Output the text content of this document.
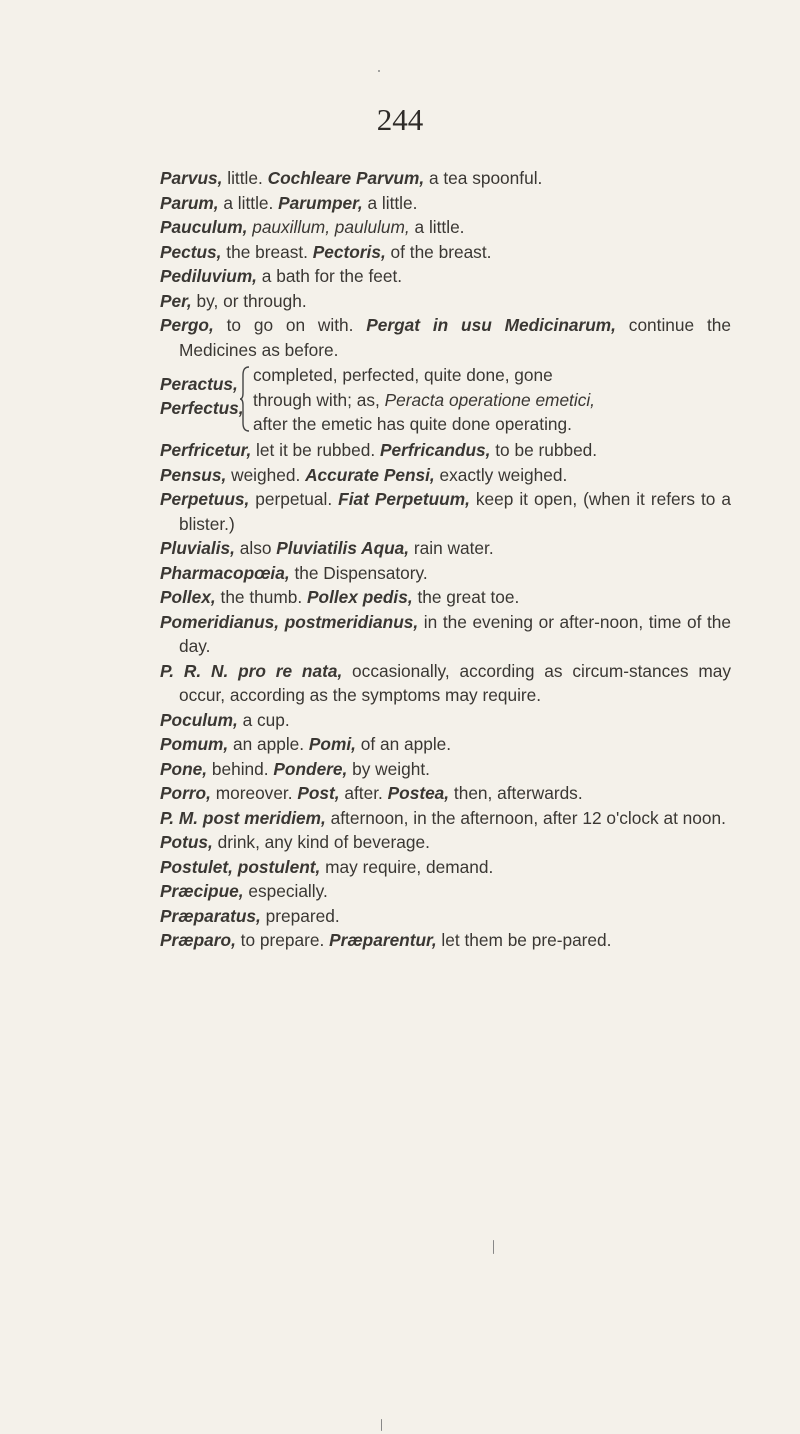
244
Parvus, little. Cochleare Parvum, a tea spoonful.
Parum, a little. Parumper, a little.
Pauculum, pauxillum, paululum, a little.
Pectus, the breast. Pectoris, of the breast.
Pediluvium, a bath for the feet.
Per, by, or through.
Pergo, to go on with. Pergat in usu Medicinarum, continue the Medicines as before.
Peractus,
Perfectus,
completed, perfected, quite done, gone
through with; as, Peracta operatione emetici,
after the emetic has quite done operating.
Perfricetur, let it be rubbed. Perfricandus, to be rubbed.
Pensus, weighed. Accurate Pensi, exactly weighed.
Perpetuus, perpetual. Fiat Perpetuum, keep it open, (when it refers to a blister.)
Pluvialis, also Pluviatilis Aqua, rain water.
Pharmacopœia, the Dispensatory.
Pollex, the thumb. Pollex pedis, the great toe.
Pomeridianus, postmeridianus, in the evening or after-noon, time of the day.
P. R. N. pro re nata, occasionally, according as circum-stances may occur, according as the symptoms may require.
Poculum, a cup.
Pomum, an apple. Pomi, of an apple.
Pone, behind. Pondere, by weight.
Porro, moreover. Post, after. Postea, then, afterwards.
P. M. post meridiem, afternoon, in the afternoon, after 12 o'clock at noon.
Potus, drink, any kind of beverage.
Postulet, postulent, may require, demand.
Præcipue, especially.
Præparatus, prepared.
Præparo, to prepare. Præparentur, let them be pre-pared.
